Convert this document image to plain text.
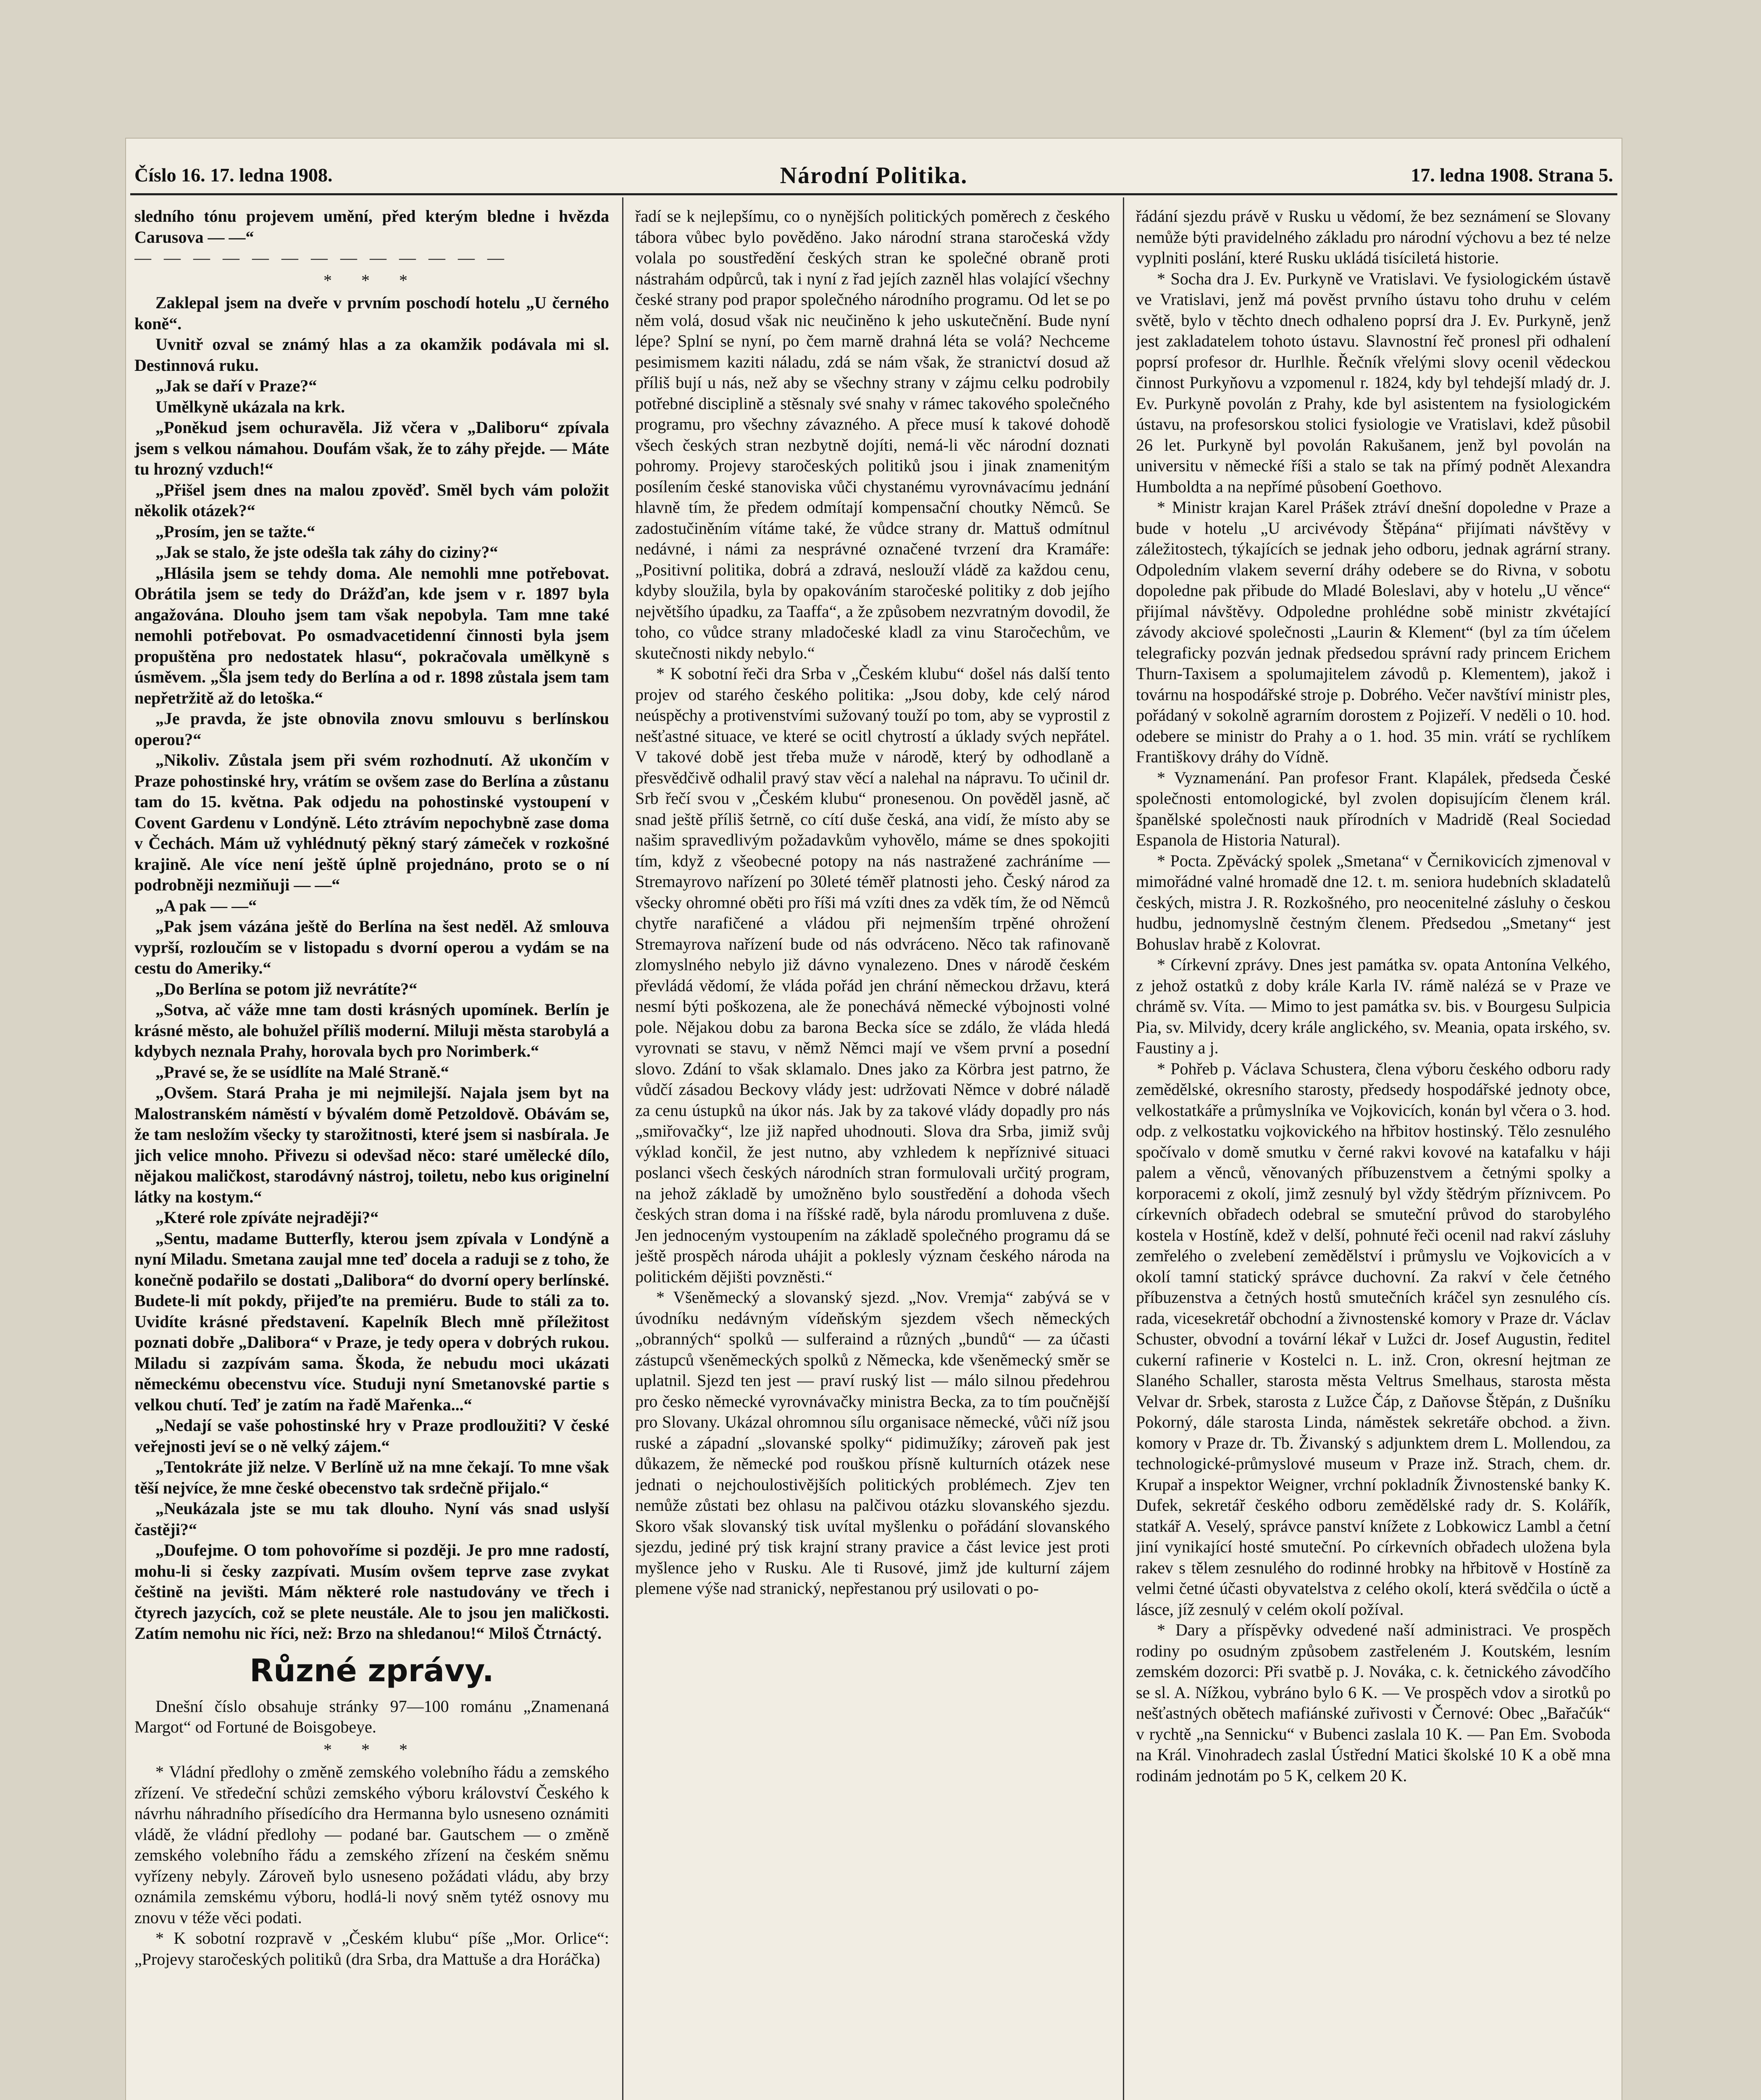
Číslo 16. 17. ledna 1908.	Národní Politika.	17. ledna 1908. Strana 5.

sledního tónu projevem umění, před kterým bledne i hvězda Carusova — —“

— — — — — — — — — — — — —

* * *

Zaklepal jsem na dveře v prvním poschodí hotelu „U černého koně“.

Uvnitř ozval se známý hlas a za okamžik podávala mi sl. Destinnová ruku.

„Jak se daří v Praze?“

Umělkyně ukázala na krk.

„Poněkud jsem ochuravěla. Již včera v „Daliboru“ zpívala jsem s velkou námahou. Doufám však, že to záhy přejde. — Máte tu hrozný vzduch!“

„Přišel jsem dnes na malou zpověď. Směl bych vám položit několik otázek?“

„Prosím, jen se tažte.“

„Jak se stalo, že jste odešla tak záhy do ciziny?“

„Hlásila jsem se tehdy doma. Ale nemohli mne potřebovat. Obrátila jsem se tedy do Drážďan, kde jsem v r. 1897 byla angažována. Dlouho jsem tam však nepobyla. Tam mne také nemohli potřebovat. Po osmadvacetidenní činnosti byla jsem propuštěna pro nedostatek hlasu“, pokračovala umělkyně s úsměvem. „Šla jsem tedy do Berlína a od r. 1898 zůstala jsem tam nepřetržitě až do letoška.“

„Je pravda, že jste obnovila znovu smlouvu s berlínskou operou?“

„Nikoliv. Zůstala jsem při svém rozhodnutí. Až ukončím v Praze pohostinské hry, vrátím se ovšem zase do Berlína a zůstanu tam do 15. května. Pak odjedu na pohostinské vystoupení v Covent Gardenu v Londýně. Léto ztrávím nepochybně zase doma v Čechách. Mám už vyhlédnutý pěkný starý zámeček v rozkošné krajině. Ale více není ještě úplně projednáno, proto se o ní podrobněji nezmiňuji — —“

„A pak — —“

„Pak jsem vázána ještě do Berlína na šest neděl. Až smlouva vyprší, rozloučím se v listopadu s dvorní operou a vydám se na cestu do Ameriky.“

„Do Berlína se potom již nevrátíte?“

„Sotva, ač váže mne tam dosti krásných upomínek. Berlín je krásné město, ale bohužel příliš moderní. Miluji města starobylá a kdybych neznala Prahy, horovala bych pro Norimberk.“

„Pravé se, že se usídlíte na Malé Straně.“

„Ovšem. Stará Praha je mi nejmilejší. Najala jsem byt na Malostranském náměstí v bývalém domě Petzoldově. Obávám se, že tam nesložím všecky ty starožitnosti, které jsem si nasbírala. Je jich velice mnoho. Přivezu si odevšad něco: staré umělecké dílo, nějakou maličkost, starodávný nástroj, toiletu, nebo kus originelní látky na kostym.“

„Které role zpíváte nejraději?“

„Sentu, madame Butterfly, kterou jsem zpívala v Londýně a nyní Miladu. Smetana zaujal mne teď docela a raduji se z toho, že konečně podařilo se dostati „Dalibora“ do dvorní opery berlínské. Budete-li mít pokdy, přijeďte na premiéru. Bude to stáli za to. Uvidíte krásné představení. Kapelník Blech mně příležitost poznati dobře „Dalibora“ v Praze, je tedy opera v dobrých rukou. Miladu si zazpívám sama. Škoda, že nebudu moci ukázati německému obecenstvu více. Studuji nyní Smetanovské partie s velkou chutí. Teď je zatím na řadě Mařenka...“

„Nedají se vaše pohostinské hry v Praze prodloužiti? V české veřejnosti jeví se o ně velký zájem.“

„Tentokráte již nelze. V Berlíně už na mne čekají. To mne však těší nejvíce, že mne české obecenstvo tak srdečně přijalo.“

„Neukázala jste se mu tak dlouho. Nyní vás snad uslyší častěji?“

„Doufejme. O tom pohovoříme si později. Je pro mne radostí, mohu-li si česky zazpívati. Musím ovšem teprve zase zvykat češtině na jevišti. Mám některé role nastudovány ve třech i čtyrech jazycích, což se plete neustále. Ale to jsou jen maličkosti. Zatím nemohu nic říci, než: Brzo na shledanou!“ Miloš Čtrnáctý.

Různé zprávy.

Dnešní číslo obsahuje stránky 97—100 románu „Znamenaná Margot“ od Fortuné de Boisgobeye.

* * *

* Vládní předlohy o změně zemského volebního řádu a zemského zřízení. Ve středeční schůzi zemského výboru království Českého k návrhu náhradního přísedícího dra Hermanna bylo usneseno oznámiti vládě, že vládní předlohy — podané bar. Gautschem — o změně zemského volebního řádu a zemského zřízení na českém sněmu vyřízeny nebyly. Zároveň bylo usneseno požádati vládu, aby brzy oznámila zemskému výboru, hodlá-li nový sněm tytéž osnovy mu znovu v téže věci podati.

* K sobotní rozpravě v „Českém klubu“ píše „Mor. Orlice“: „Projevy staročeských politiků (dra Srba, dra Mattuše a dra Horáčka)

řadí se k nejlepšímu, co o nynějších politických poměrech z českého tábora vůbec bylo pověděno. Jako národní strana staročeská vždy volala po soustředění českých stran ke společné obraně proti nástrahám odpůrců, tak i nyní z řad jejích zazněl hlas volající všechny české strany pod prapor společného národního programu. Od let se po něm volá, dosud však nic neučiněno k jeho uskutečnění. Bude nyní lépe? Splní se nyní, po čem marně drahná léta se volá? Nechceme pesimismem kaziti náladu, zdá se nám však, že stranictví dosud až příliš bují u nás, než aby se všechny strany v zájmu celku podrobily potřebné disciplině a stěsnaly své snahy v rámec takového společného programu, pro všechny závazného. A přece musí k takové dohodě všech českých stran nezbytně dojíti, nemá-li věc národní doznati pohromy. Projevy staročeských politiků jsou i jinak znamenitým posílením české stanoviska vůči chystanému vyrovnávacímu jednání hlavně tím, že předem odmítají kompensační choutky Němců. Se zadostučiněním vítáme také, že vůdce strany dr. Mattuš odmítnul nedávné, i námi za nesprávné označené tvrzení dra Kramáře: „Positivní politika, dobrá a zdravá, neslouží vládě za každou cenu, kdyby sloužila, byla by opakováním staročeské politiky z dob jejího největšího úpadku, za Taaffa“, a že způsobem nezvratným dovodil, že toho, co vůdce strany mladočeské kladl za vinu Staročechům, ve skutečnosti nikdy nebylo.“

* K sobotní řeči dra Srba v „Českém klubu“ došel nás další tento projev od starého českého politika: „Jsou doby, kde celý národ neúspěchy a protivenstvími sužovaný touží po tom, aby se vyprostil z nešťastné situace, ve které se ocitl chytrostí a úklady svých nepřátel. V takové době jest třeba muže v národě, který by odhodlaně a přesvědčivě odhalil pravý stav věcí a nalehal na nápravu. To učinil dr. Srb řečí svou v „Českém klubu“ pronesenou. On pověděl jasně, ač snad ještě příliš šetrně, co cítí duše česká, ana vidí, že místo aby se našim spravedlivým požadavkům vyhovělo, máme se dnes spokojiti tím, když z všeobecné potopy na nás nastražené zachráníme — Stremayrovo nařízení po 30leté téměř platnosti jeho. Český národ za všecky ohromné oběti pro říši má vzíti dnes za vděk tím, že od Němců chytře narafičené a vládou při nejmenším trpěné ohrožení Stremayrova nařízení bude od nás odvráceno. Něco tak rafinovaně zlomyslného nebylo již dávno vynalezeno. Dnes v národě českém převládá vědomí, že vláda pořád jen chrání německou državu, která nesmí býti poškozena, ale že ponechává německé výbojnosti volné pole. Nějakou dobu za barona Becka síce se zdálo, že vláda hledá vyrovnati se stavu, v němž Němci mají ve všem první a posední slovo. Zdání to však sklamalo. Dnes jako za Körbra jest patrno, že vůdčí zásadou Beckovy vlády jest: udržovati Němce v dobré náladě za cenu ústupků na úkor nás. Jak by za takové vlády dopadly pro nás „smiřovačky“, lze již napřed uhodnouti. Slova dra Srba, jimiž svůj výklad končil, že jest nutno, aby vzhledem k nepříznivé situaci poslanci všech českých národních stran formulovali určitý program, na jehož základě by umožněno bylo soustředění a dohoda všech českých stran doma i na říšské radě, byla národu promluvena z duše. Jen jednoceným vystoupením na základě společného programu dá se ještě prospěch národa uhájit a poklesly význam českého národa na politickém dějišti povzněsti.“

* Všeněmecký a slovanský sjezd. „Nov. Vremja“ zabývá se v úvodníku nedávným vídeňským sjezdem všech německých „obranných“ spolků — sulferaind a různých „bundů“ — za účasti zástupců všeněmeckých spolků z Německa, kde všeněmecký směr se uplatnil. Sjezd ten jest — praví ruský list — málo silnou předehrou pro česko německé vyrovnávačky ministra Becka, za to tím poučnější pro Slovany. Ukázal ohromnou sílu organisace německé, vůči níž jsou ruské a západní „slovanské spolky“ pidimužíky; zároveň pak jest důkazem, že německé pod rouškou přísně kulturních otázek nese jednati o nejchoulostivějších politických problémech. Zjev ten nemůže zůstati bez ohlasu na palčivou otázku slovanského sjezdu. Skoro však slovanský tisk uvítal myšlenku o pořádání slovanského sjezdu, jediné prý tisk krajní strany pravice a část levice jest proti myšlence jeho v Rusku. Ale ti Rusové, jimž jde kulturní zájem plemene výše nad stranický, nepřestanou prý usilovati o po-

řádání sjezdu právě v Rusku u vědomí, že bez seznámení se Slovany nemůže býti pravidelného základu pro národní výchovu a bez té nelze vyplniti poslání, které Rusku ukládá tisíciletá historie.

* Socha dra J. Ev. Purkyně ve Vratislavi. Ve fysiologickém ústavě ve Vratislavi, jenž má pověst prvního ústavu toho druhu v celém světě, bylo v těchto dnech odhaleno poprsí dra J. Ev. Purkyně, jenž jest zakladatelem tohoto ústavu. Slavnostní řeč pronesl při odhalení poprsí profesor dr. Hurlhle. Řečník vřelými slovy ocenil vědeckou činnost Purkyňovu a vzpomenul r. 1824, kdy byl tehdejší mladý dr. J. Ev. Purkyně povolán z Prahy, kde byl asistentem na fysiologickém ústavu, na profesorskou stolici fysiologie ve Vratislavi, kdež působil 26 let. Purkyně byl povolán Rakušanem, jenž byl povolán na universitu v německé říši a stalo se tak na přímý podnět Alexandra Humboldta a na nepřímé působení Goethovo.

* Ministr krajan Karel Prášek ztráví dnešní dopoledne v Praze a bude v hotelu „U arcivévody Štěpána“ přijímati návštěvy v záležitostech, týkajících se jednak jeho odboru, jednak agrární strany. Odpoledním vlakem severní dráhy odebere se do Rivna, v sobotu dopoledne pak přibude do Mladé Boleslavi, aby v hotelu „U věnce“ přijímal návštěvy. Odpoledne prohlédne sobě ministr zkvétající závody akciové společnosti „Laurin & Klement“ (byl za tím účelem telegraficky pozván jednak předsedou správní rady princem Erichem Thurn-Taxisem a spolumajitelem závodů p. Klementem), jakož i továrnu na hospodářské stroje p. Dobrého. Večer navštíví ministr ples, pořádaný v sokolně agrarním dorostem z Pojizeří. V neděli o 10. hod. odebere se ministr do Prahy a o 1. hod. 35 min. vrátí se rychlíkem Františkovy dráhy do Vídně.

* Vyznamenání. Pan profesor Frant. Klapálek, předseda České společnosti entomologické, byl zvolen dopisujícím členem král. španělské společnosti nauk přírodních v Madridě (Real Sociedad Espanola de Historia Natural).

* Pocta. Zpěvácký spolek „Smetana“ v Černikovicích zjmenoval v mimořádné valné hromadě dne 12. t. m. seniora hudebních skladatelů českých, mistra J. R. Rozkošného, pro neocenitelné zásluhy o českou hudbu, jednomyslně čestným členem. Předsedou „Smetany“ jest Bohuslav hrabě z Kolovrat.

* Církevní zprávy. Dnes jest památka sv. opata Antonína Velkého, z jehož ostatků z doby krále Karla IV. rámě nalézá se v Praze ve chrámě sv. Víta. — Mimo to jest památka sv. bis. v Bourgesu Sulpicia Pia, sv. Milvidy, dcery krále anglického, sv. Meania, opata irského, sv. Faustiny a j.

* Pohřeb p. Václava Schustera, člena výboru českého odboru rady zemědělské, okresního starosty, předsedy hospodářské jednoty obce, velkostatkáře a průmyslníka ve Vojkovicích, konán byl včera o 3. hod. odp. z velkostatku vojkovického na hřbitov hostinský. Tělo zesnulého spočívalo v domě smutku v černé rakvi kovové na katafalku v háji palem a věnců, věnovaných příbuzenstvem a četnými spolky a korporacemi z okolí, jimž zesnulý byl vždy štědrým příznivcem. Po církevních obřadech odebral se smuteční průvod do starobylého kostela v Hostíně, kdež v delší, pohnuté řeči ocenil nad rakví zásluhy zemřelého o zvelebení zemědělství i průmyslu ve Vojkovicích a v okolí tamní statický správce duchovní. Za rakví v čele četného příbuzenstva a četných hostů smutečních kráčel syn zesnulého cís. rada, vicesekretář obchodní a živnostenské komory v Praze dr. Václav Schuster, obvodní a tovární lékař v Lužci dr. Josef Augustin, ředitel cukerní rafinerie v Kostelci n. L. inž. Cron, okresní hejtman ze Slaného Schaller, starosta města Veltrus Smelhaus, starosta města Velvar dr. Srbek, starosta z Lužce Čáp, z Daňovse Štěpán, z Dušníku Pokorný, dále starosta Linda, náměstek sekretáře obchod. a živn. komory v Praze dr. Tb. Živanský s adjunktem drem L. Mollendou, za technologické-průmyslové museum v Praze inž. Strach, chem. dr. Krupař a inspektor Weigner, vrchní pokladník Živnostenské banky K. Dufek, sekretář českého odboru zemědělské rady dr. S. Kolářík, statkář A. Veselý, správce panství knížete z Lobkowicz Lambl a četní jiní vynikající hosté smuteční. Po církevních obřadech uložena byla rakev s tělem zesnulého do rodinné hrobky na hřbitově v Hostíně za velmi četné účasti obyvatelstva z celého okolí, která svědčila o úctě a lásce, jíž zesnulý v celém okolí požíval.

* Dary a příspěvky odvedené naší administraci. Ve prospěch rodiny po osudným způsobem zastřeleném J. Koutském, lesním zemském dozorci: Při svatbě p. J. Nováka, c. k. četnického závodčího se sl. A. Nížkou, vybráno bylo 6 K. — Ve prospěch vdov a sirotků po nešťastných obětech mafiánské zuřivosti v Černové: Obec „Bařačúk“ v rychtě „na Sennicku“ v Bubenci zaslala 10 K. — Pan Em. Svoboda na Král. Vinohradech zaslal Ústřední Matici školské 10 K a obě mna rodinám jednotám po 5 K, celkem 20 K.
